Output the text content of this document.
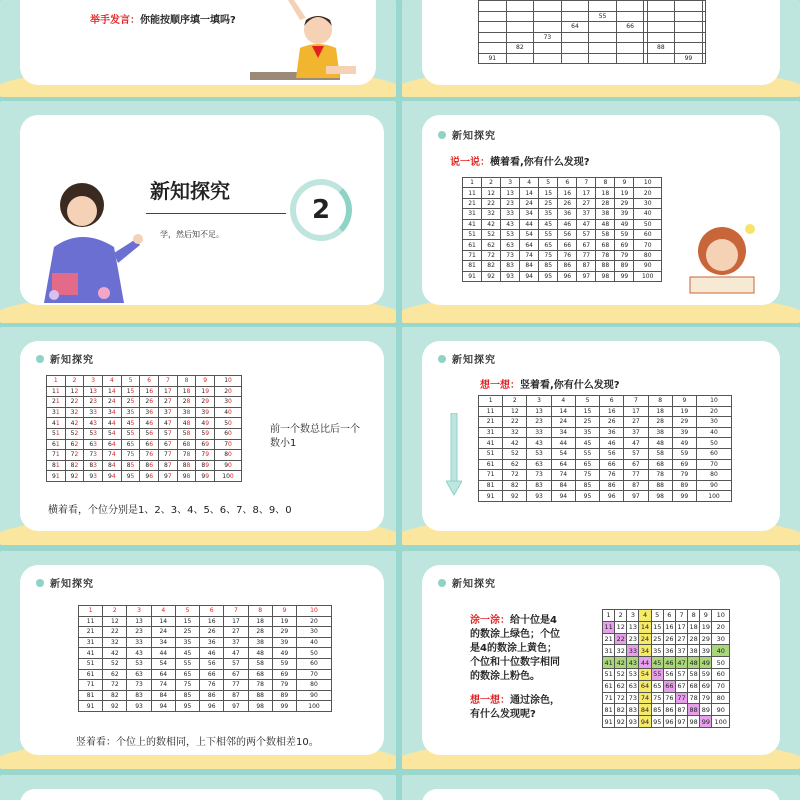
举手发言：你能按顺序填一填吗?

					55					
			64		66				
		73							
	82						88		
91								99	
新知探究
2
学，然后知不足。
新知探究
说一说：横着看,你有什么发现?
1	2	3	4	5	6	7	8	9	10
11	12	13	14	15	16	17	18	19	20
21	22	23	24	25	26	27	28	29	30
31	32	33	34	35	36	37	38	39	40
41	42	43	44	45	46	47	48	49	50
51	52	53	54	55	56	57	58	59	60
61	62	63	64	65	66	67	68	69	70
71	72	73	74	75	76	77	78	79	80
81	82	83	84	85	86	87	88	89	90
91	92	93	94	95	96	97	98	99	100
新知探究
1	2	3	4	5	6	7	8	9	10
11	12	13	14	15	16	17	18	19	20
21	22	23	24	25	26	27	28	29	30
31	32	33	34	35	36	37	38	39	40
41	42	43	44	45	46	47	48	49	50
51	52	53	54	55	56	57	58	59	60
61	62	63	64	65	66	67	68	69	70
71	72	73	74	75	76	77	78	79	80
81	82	83	84	85	86	87	88	89	90
91	92	93	94	95	96	97	98	99	100
前一个数总比后一个数小1
横着看，个位分别是1、2、3、4、5、6、7、8、9、0
新知探究
想一想：竖着看,你有什么发现?
1	2	3	4	5	6	7	8	9	10
11	12	13	14	15	16	17	18	19	20
21	22	23	24	25	26	27	28	29	30
31	32	33	34	35	36	37	38	39	40
41	42	43	44	45	46	47	48	49	50
51	52	53	54	55	56	57	58	59	60
61	62	63	64	65	66	67	68	69	70
71	72	73	74	75	76	77	78	79	80
81	82	83	84	85	86	87	88	89	90
91	92	93	94	95	96	97	98	99	100
新知探究
1	2	3	4	5	6	7	8	9	10
11	12	13	14	15	16	17	18	19	20
21	22	23	24	25	26	27	28	29	30
31	32	33	34	35	36	37	38	39	40
41	42	43	44	45	46	47	48	49	50
51	52	53	54	55	56	57	58	59	60
61	62	63	64	65	66	67	68	69	70
71	72	73	74	75	76	77	78	79	80
81	82	83	84	85	86	87	88	89	90
91	92	93	94	95	96	97	98	99	100
竖着看：个位上的数相同，上下相邻的两个数相差10。
新知探究
涂一涂：给十位是4
的数涂上绿色；个位
是4的数涂上黄色；
个位和十位数字相同
的数涂上粉色。
想一想：通过涂色，
有什么发现呢?
1	2	3	4	5	6	7	8	9	10
11	12	13	14	15	16	17	18	19	20
21	22	23	24	25	26	27	28	29	30
31	32	33	34	35	36	37	38	39	40
41	42	43	44	45	46	47	48	49	50
51	52	53	54	55	56	57	58	59	60
61	62	63	64	65	66	67	68	69	70
71	72	73	74	75	76	77	78	79	80
81	82	83	84	85	86	87	88	89	90
91	92	93	94	95	96	97	98	99	100
